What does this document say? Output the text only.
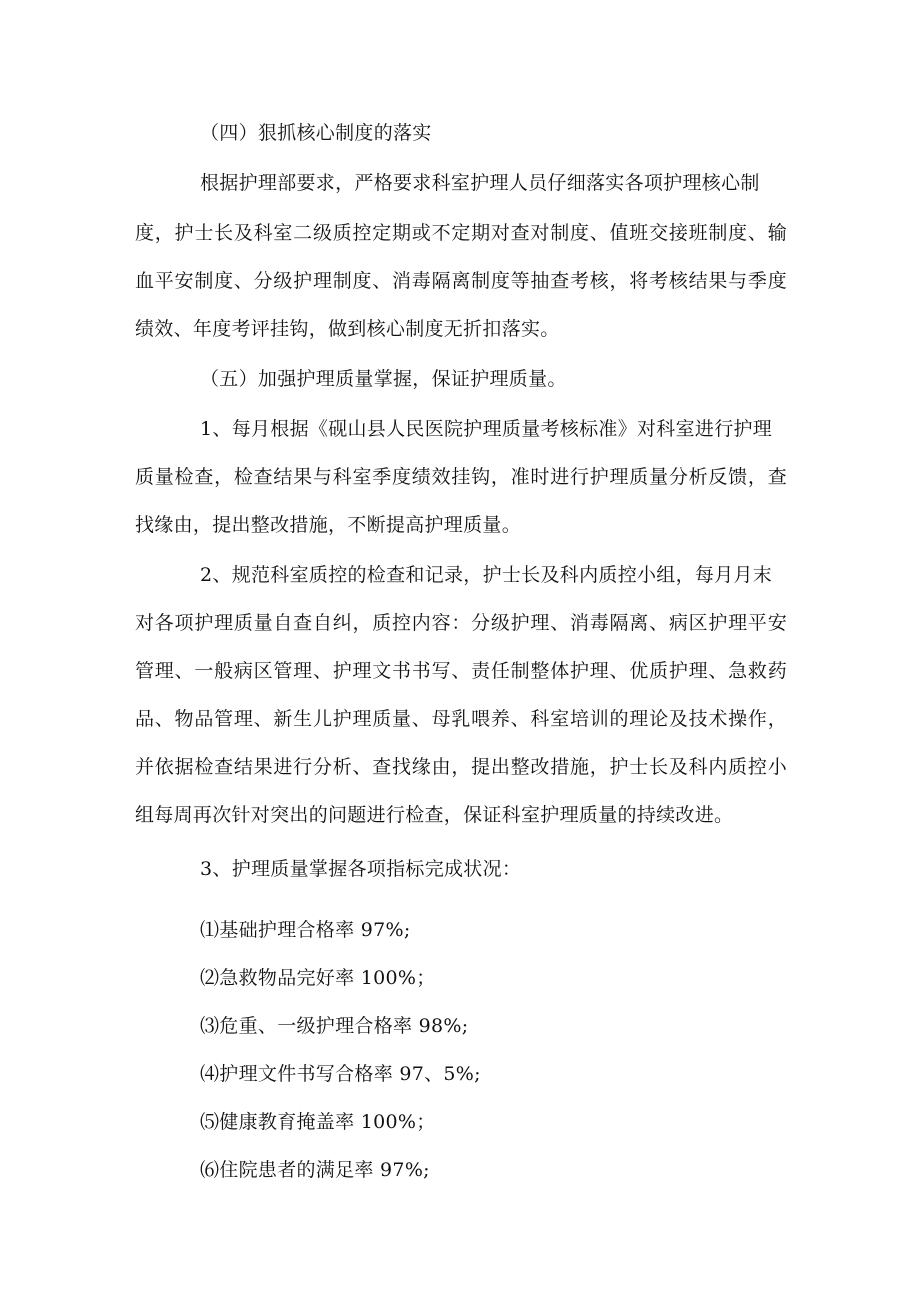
（四）狠抓核心制度的落实
根据护理部要求，严格要求科室护理人员仔细落实各项护理核心制
度，护士长及科室二级质控定期或不定期对查对制度、值班交接班制度、输
血平安制度、分级护理制度、消毒隔离制度等抽查考核，将考核结果与季度
绩效、年度考评挂钩，做到核心制度无折扣落实。
（五）加强护理质量掌握，保证护理质量。
1、每月根据《砚山县人民医院护理质量考核标准》对科室进行护理
质量检查，检查结果与科室季度绩效挂钩，准时进行护理质量分析反馈，查
找缘由，提出整改措施，不断提高护理质量。
2、规范科室质控的检查和记录，护士长及科内质控小组，每月月末
对各项护理质量自查自纠，质控内容：分级护理、消毒隔离、病区护理平安
管理、一般病区管理、护理文书书写、责任制整体护理、优质护理、急救药
品、物品管理、新生儿护理质量、母乳喂养、科室培训的理论及技术操作，
并依据检查结果进行分析、查找缘由，提出整改措施，护士长及科内质控小
组每周再次针对突出的问题进行检查，保证科室护理质量的持续改进。
3、护理质量掌握各项指标完成状况：
⑴基础护理合格率 97%;
⑵急救物品完好率 100%；
⑶危重、一级护理合格率 98%;
⑷护理文件书写合格率 97、5%;
⑸健康教育掩盖率 100%；
⑹住院患者的满足率 97%;
